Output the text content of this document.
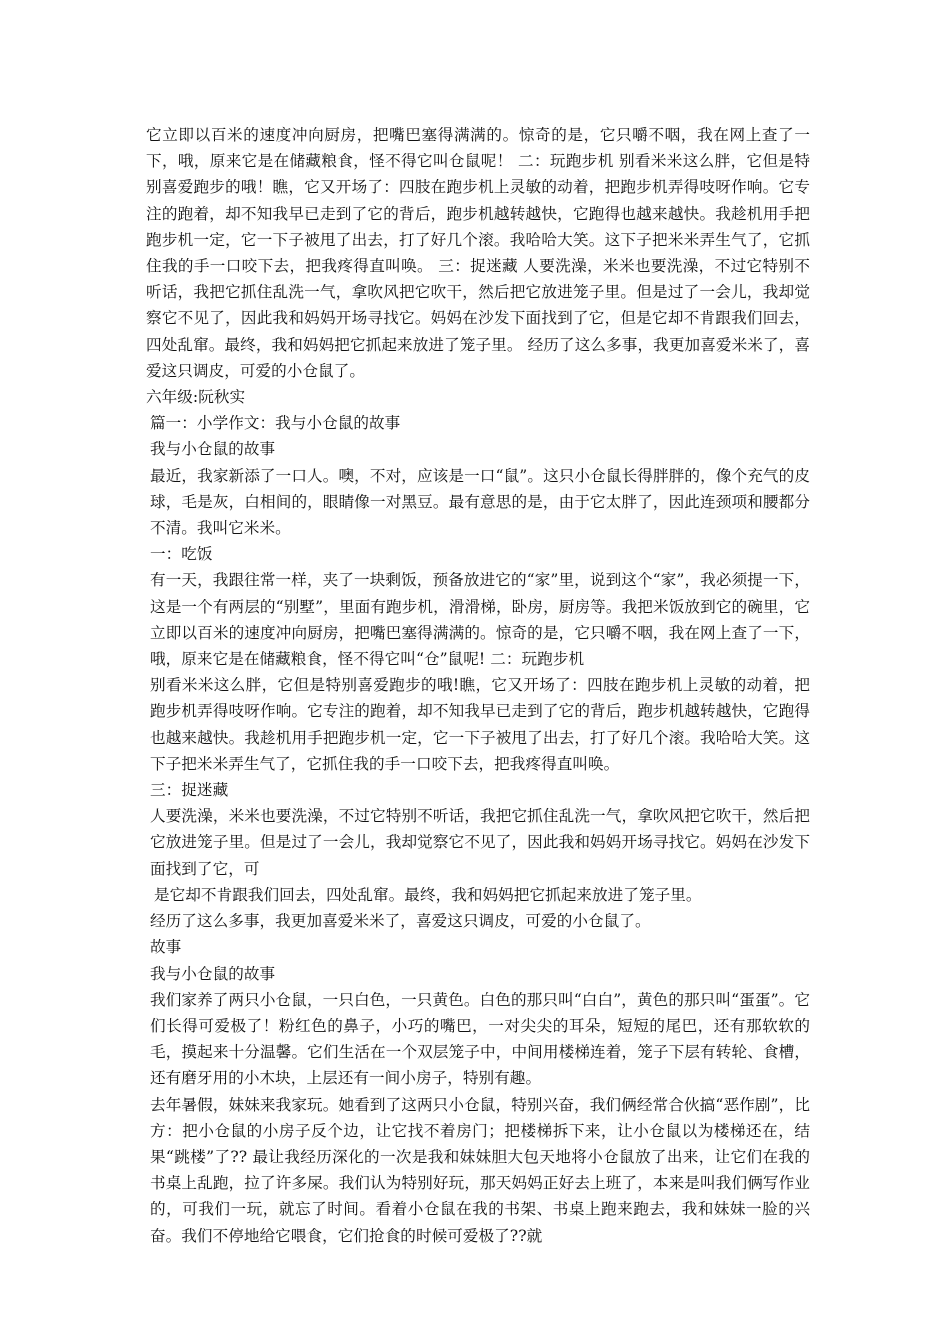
它立即以百米的速度冲向厨房，把嘴巴塞得满满的。惊奇的是，它只嚼不咽，我在网上查了一下，哦，原来它是在储藏粮食，怪不得它叫仓鼠呢！ 二：玩跑步机 别看米米这么胖，它但是特别喜爱跑步的哦！瞧，它又开场了：四肢在跑步机上灵敏的动着，把跑步机弄得吱呀作响。它专注的跑着，却不知我早已走到了它的背后，跑步机越转越快，它跑得也越来越快。我趁机用手把跑步机一定，它一下子被甩了出去，打了好几个滚。我哈哈大笑。这下子把米米弄生气了，它抓住我的手一口咬下去，把我疼得直叫唤。 三：捉迷藏 人要洗澡，米米也要洗澡，不过它特别不听话，我把它抓住乱洗一气，拿吹风把它吹干，然后把它放进笼子里。但是过了一会儿，我却觉察它不见了，因此我和妈妈开场寻找它。妈妈在沙发下面找到了它，但是它却不肯跟我们回去，四处乱窜。最终，我和妈妈把它抓起来放进了笼子里。 经历了这么多事，我更加喜爱米米了，喜爱这只调皮，可爱的小仓鼠了。

六年级:阮秋实

篇一：小学作文：我与小仓鼠的故事

我与小仓鼠的故事

最近，我家新添了一口人。噢，不对，应该是一口“鼠”。这只小仓鼠长得胖胖的，像个充气的皮球，毛是灰，白相间的，眼睛像一对黑豆。最有意思的是，由于它太胖了，因此连颈项和腰都分不清。我叫它米米。

一：吃饭

有一天，我跟往常一样，夹了一块剩饭，预备放进它的“家”里，说到这个“家”，我必须提一下，这是一个有两层的“别墅”，里面有跑步机，滑滑梯，卧房，厨房等。我把米饭放到它的碗里，它立即以百米的速度冲向厨房，把嘴巴塞得满满的。惊奇的是，它只嚼不咽，我在网上查了一下，哦，原来它是在储藏粮食，怪不得它叫“仓”鼠呢! 二：玩跑步机

别看米米这么胖，它但是特别喜爱跑步的哦!瞧，它又开场了：四肢在跑步机上灵敏的动着，把跑步机弄得吱呀作响。它专注的跑着，却不知我早已走到了它的背后，跑步机越转越快，它跑得也越来越快。我趁机用手把跑步机一定，它一下子被甩了出去，打了好几个滚。我哈哈大笑。这下子把米米弄生气了，它抓住我的手一口咬下去，把我疼得直叫唤。

三：捉迷藏

人要洗澡，米米也要洗澡，不过它特别不听话，我把它抓住乱洗一气，拿吹风把它吹干，然后把它放进笼子里。但是过了一会儿，我却觉察它不见了，因此我和妈妈开场寻找它。妈妈在沙发下面找到了它，可

是它却不肯跟我们回去，四处乱窜。最终，我和妈妈把它抓起来放进了笼子里。

经历了这么多事，我更加喜爱米米了，喜爱这只调皮，可爱的小仓鼠了。

故事

我与小仓鼠的故事

我们家养了两只小仓鼠，一只白色，一只黄色。白色的那只叫“白白”，黄色的那只叫“蛋蛋”。它们长得可爱极了！粉红色的鼻子，小巧的嘴巴，一对尖尖的耳朵，短短的尾巴，还有那软软的毛，摸起来十分温馨。它们生活在一个双层笼子中，中间用楼梯连着，笼子下层有转轮、食槽，还有磨牙用的小木块，上层还有一间小房子，特别有趣。

去年暑假，妹妹来我家玩。她看到了这两只小仓鼠，特别兴奋，我们俩经常合伙搞“恶作剧”，比方：把小仓鼠的小房子反个边，让它找不着房门；把楼梯拆下来，让小仓鼠以为楼梯还在，结果“跳楼”了?? 最让我经历深化的一次是我和妹妹胆大包天地将小仓鼠放了出来，让它们在我的书桌上乱跑，拉了许多屎。我们认为特别好玩，那天妈妈正好去上班了，本来是叫我们俩写作业的，可我们一玩，就忘了时间。看着小仓鼠在我的书架、书桌上跑来跑去，我和妹妹一脸的兴奋。我们不停地给它喂食，它们抢食的时候可爱极了??就
